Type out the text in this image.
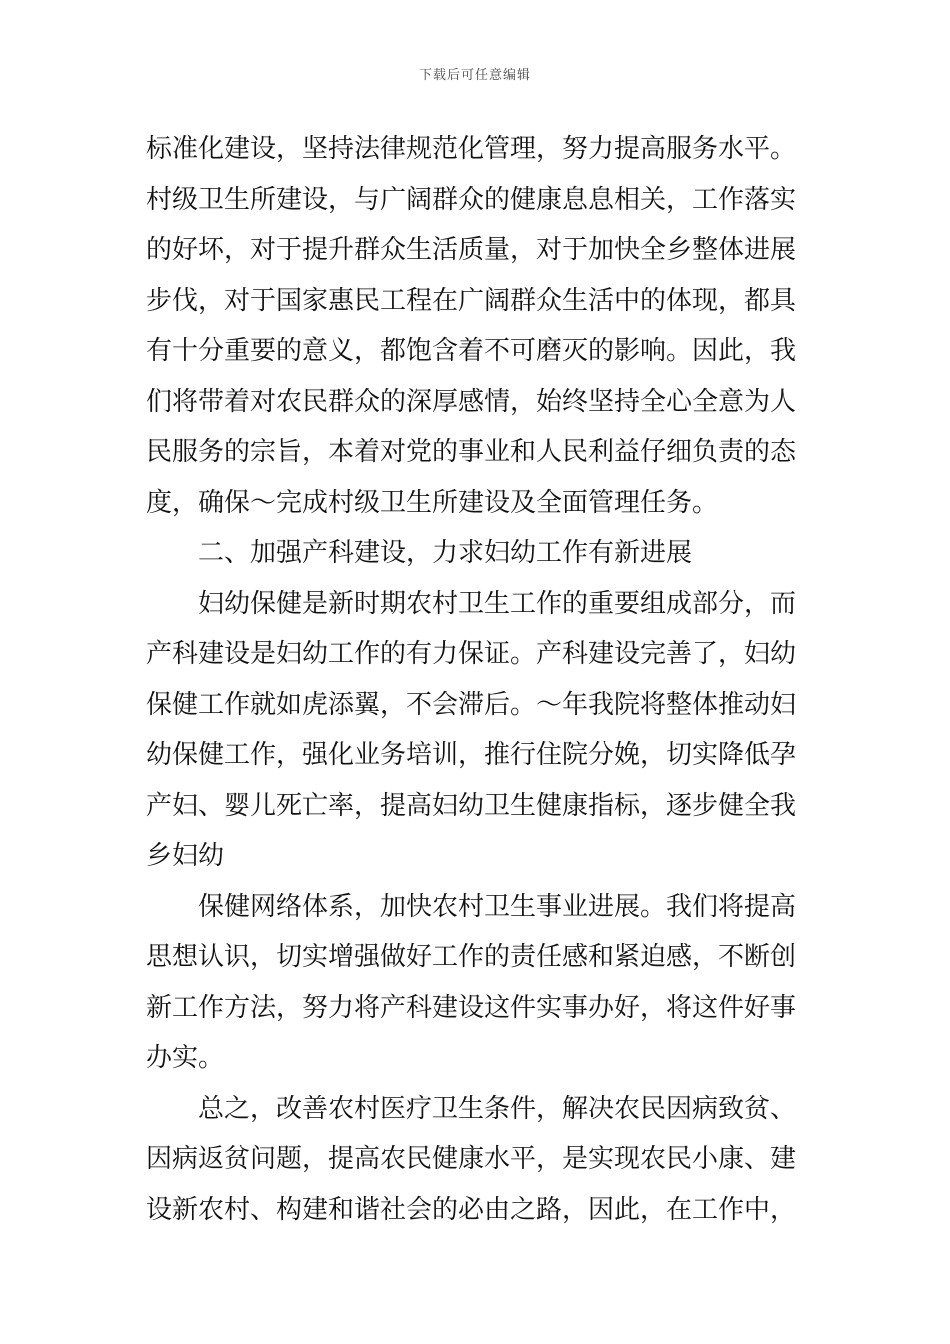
下载后可任意编辑
标准化建设，坚持法律规范化管理，努力提高服务水平。
村级卫生所建设，与广阔群众的健康息息相关，工作落实
的好坏，对于提升群众生活质量，对于加快全乡整体进展
步伐，对于国家惠民工程在广阔群众生活中的体现，都具
有十分重要的意义，都饱含着不可磨灭的影响。因此，我
们将带着对农民群众的深厚感情，始终坚持全心全意为人
民服务的宗旨，本着对党的事业和人民利益仔细负责的态
度，确保～完成村级卫生所建设及全面管理任务。
二、加强产科建设，力求妇幼工作有新进展
妇幼保健是新时期农村卫生工作的重要组成部分，而
产科建设是妇幼工作的有力保证。产科建设完善了，妇幼
保健工作就如虎添翼，不会滞后。～年我院将整体推动妇
幼保健工作，强化业务培训，推行住院分娩，切实降低孕
产妇、婴儿死亡率，提高妇幼卫生健康指标，逐步健全我
乡妇幼
保健网络体系，加快农村卫生事业进展。我们将提高
思想认识，切实增强做好工作的责任感和紧迫感，不断创
新工作方法，努力将产科建设这件实事办好，将这件好事
办实。
总之，改善农村医疗卫生条件，解决农民因病致贫、
因病返贫问题，提高农民健康水平，是实现农民小康、建
设新农村、构建和谐社会的必由之路，因此，在工作中，
